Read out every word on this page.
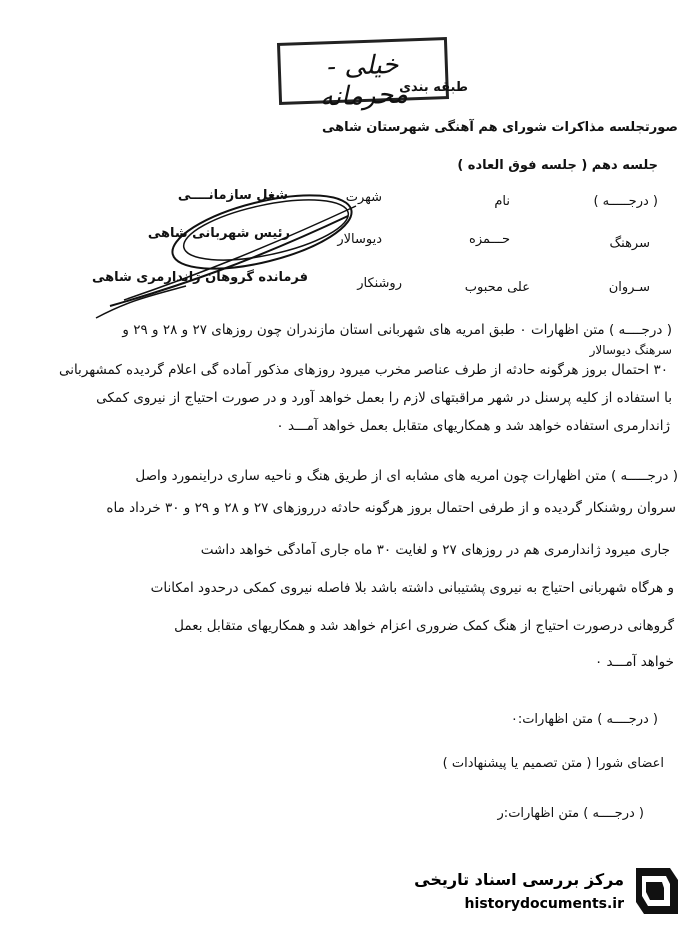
خیلی - محرمانه
طبقه بندی
صورتجلسه مذاکرات شورای هم آهنگی شهرستان شاهی
جلسه دهم ( جلسه فوق العاده )
( درجـــــه )
نام
شهرت
شغل سازمانــــی
سرهنگ
حـــمزه
دیوسالار
رئیس شهربانی شاهی
سـروان
علی محبوب
روشنکار
فرمانده گروهان ژاندارمری شاهی
( درجــــه ) متن اظهارات ۰ طبق امریه های شهربانی استان مازندران چون روزهای ۲۷ و ۲۸ و ۲۹ و
سرهنگ دیوسالار
۳۰ احتمال بروز هرگونه حادثه از طرف عناصر مخرب میرود روزهای مذکور آماده گی اعلام گردیده کمشهربانی
با استفاده از کلیه پرسنل در شهر مراقبتهای لازم را بعمل خواهد آورد و در صورت احتیاج از نیروی کمکی
ژاندارمری استفاده خواهد شد و همکاریهای متقابل بعمل خواهد آمـــد ۰
( درجـــــه ) متن اظهارات چون امریه های مشابه ای از طریق هنگ و ناحیه ساری دراینمورد واصل
سروان روشنکار گردیده و از طرفی احتمال بروز هرگونه حادثه درروزهای ۲۷ و ۲۸ و ۲۹ و ۳۰ خرداد ماه
جاری میرود ژاندارمری هم در روزهای ۲۷ و لغایت ۳۰ ماه جاری آمادگی خواهد داشت
و هرگاه شهربانی احتیاج به نیروی پشتیبانی داشته باشد بلا فاصله نیروی کمکی درحدود امکانات
گروهانی درصورت احتیاج از هنگ کمک ضروری اعزام خواهد شد و همکاریهای متقابل بعمل
خواهد آمـــد ۰
( درجــــه ) متن اظهارات:۰
اعضای شورا ( متن تصمیم یا پیشنهادات )
( درجــــه ) متن اظهارات:ر
مرکز بررسی اسناد تاریخی
historydocuments.ir
